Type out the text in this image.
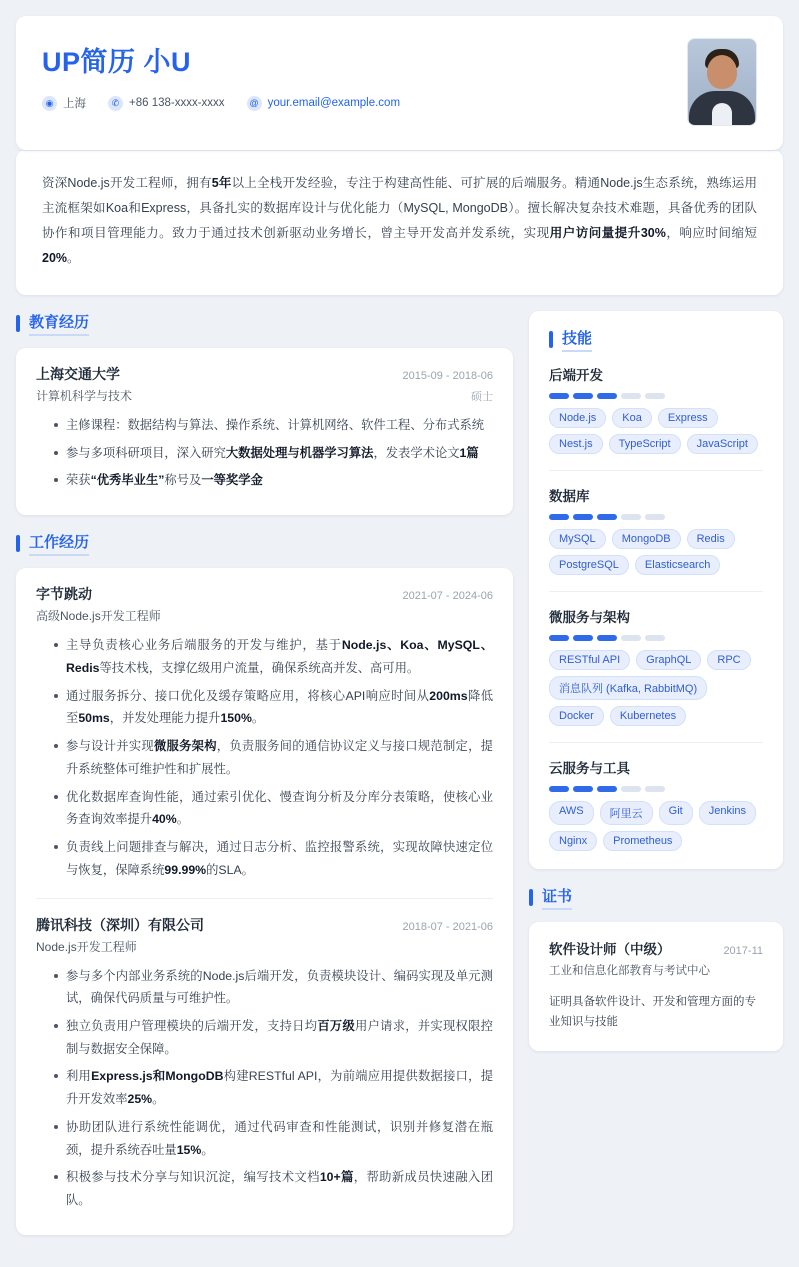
UP简历 小U
◉ 上海	✆ +86 138-xxxx-xxxx	@ your.email@example.com
资深Node.js开发工程师，拥有5年以上全栈开发经验，专注于构建高性能、可扩展的后端服务。精通Node.js生态系统，熟练运用主流框架如Koa和Express，具备扎实的数据库设计与优化能力（MySQL, MongoDB）。擅长解决复杂技术难题，具备优秀的团队协作和项目管理能力。致力于通过技术创新驱动业务增长，曾主导开发高并发系统，实现用户访问量提升30%，响应时间缩短20%。
教育经历
上海交通大学	2015-09 - 2018-06
计算机科学与技术	硕士
主修课程：数据结构与算法、操作系统、计算机网络、软件工程、分布式系统
参与多项科研项目，深入研究大数据处理与机器学习算法，发表学术论文1篇
荣获“优秀毕业生”称号及一等奖学金
工作经历
字节跳动	2021-07 - 2024-06
高级Node.js开发工程师
主导负责核心业务后端服务的开发与维护，基于Node.js、Koa、MySQL、Redis等技术栈，支撑亿级用户流量，确保系统高并发、高可用。
通过服务拆分、接口优化及缓存策略应用，将核心API响应时间从200ms降低至50ms，并发处理能力提升150%。
参与设计并实现微服务架构，负责服务间的通信协议定义与接口规范制定，提升系统整体可维护性和扩展性。
优化数据库查询性能，通过索引优化、慢查询分析及分库分表策略，使核心业务查询效率提升40%。
负责线上问题排查与解决，通过日志分析、监控报警系统，实现故障快速定位与恢复，保障系统99.99%的SLA。
腾讯科技（深圳）有限公司	2018-07 - 2021-06
Node.js开发工程师
参与多个内部业务系统的Node.js后端开发，负责模块设计、编码实现及单元测试，确保代码质量与可维护性。
独立负责用户管理模块的后端开发，支持日均百万级用户请求，并实现权限控制与数据安全保障。
利用Express.js和MongoDB构建RESTful API，为前端应用提供数据接口，提升开发效率25%。
协助团队进行系统性能调优，通过代码审查和性能测试，识别并修复潜在瓶颈，提升系统吞吐量15%。
积极参与技术分享与知识沉淀，编写技术文档10+篇，帮助新成员快速融入团队。
技能
后端开发
Node.js	Koa	Express
Nest.js	TypeScript	JavaScript
数据库
MySQL	MongoDB	Redis
PostgreSQL	Elasticsearch
微服务与架构
RESTful API	GraphQL	RPC
消息队列 (Kafka, RabbitMQ)
Docker	Kubernetes
云服务与工具
AWS	阿里云	Git	Jenkins
Nginx	Prometheus
证书
软件设计师（中级）	2017-11
工业和信息化部教育与考试中心
证明具备软件设计、开发和管理方面的专业知识与技能
